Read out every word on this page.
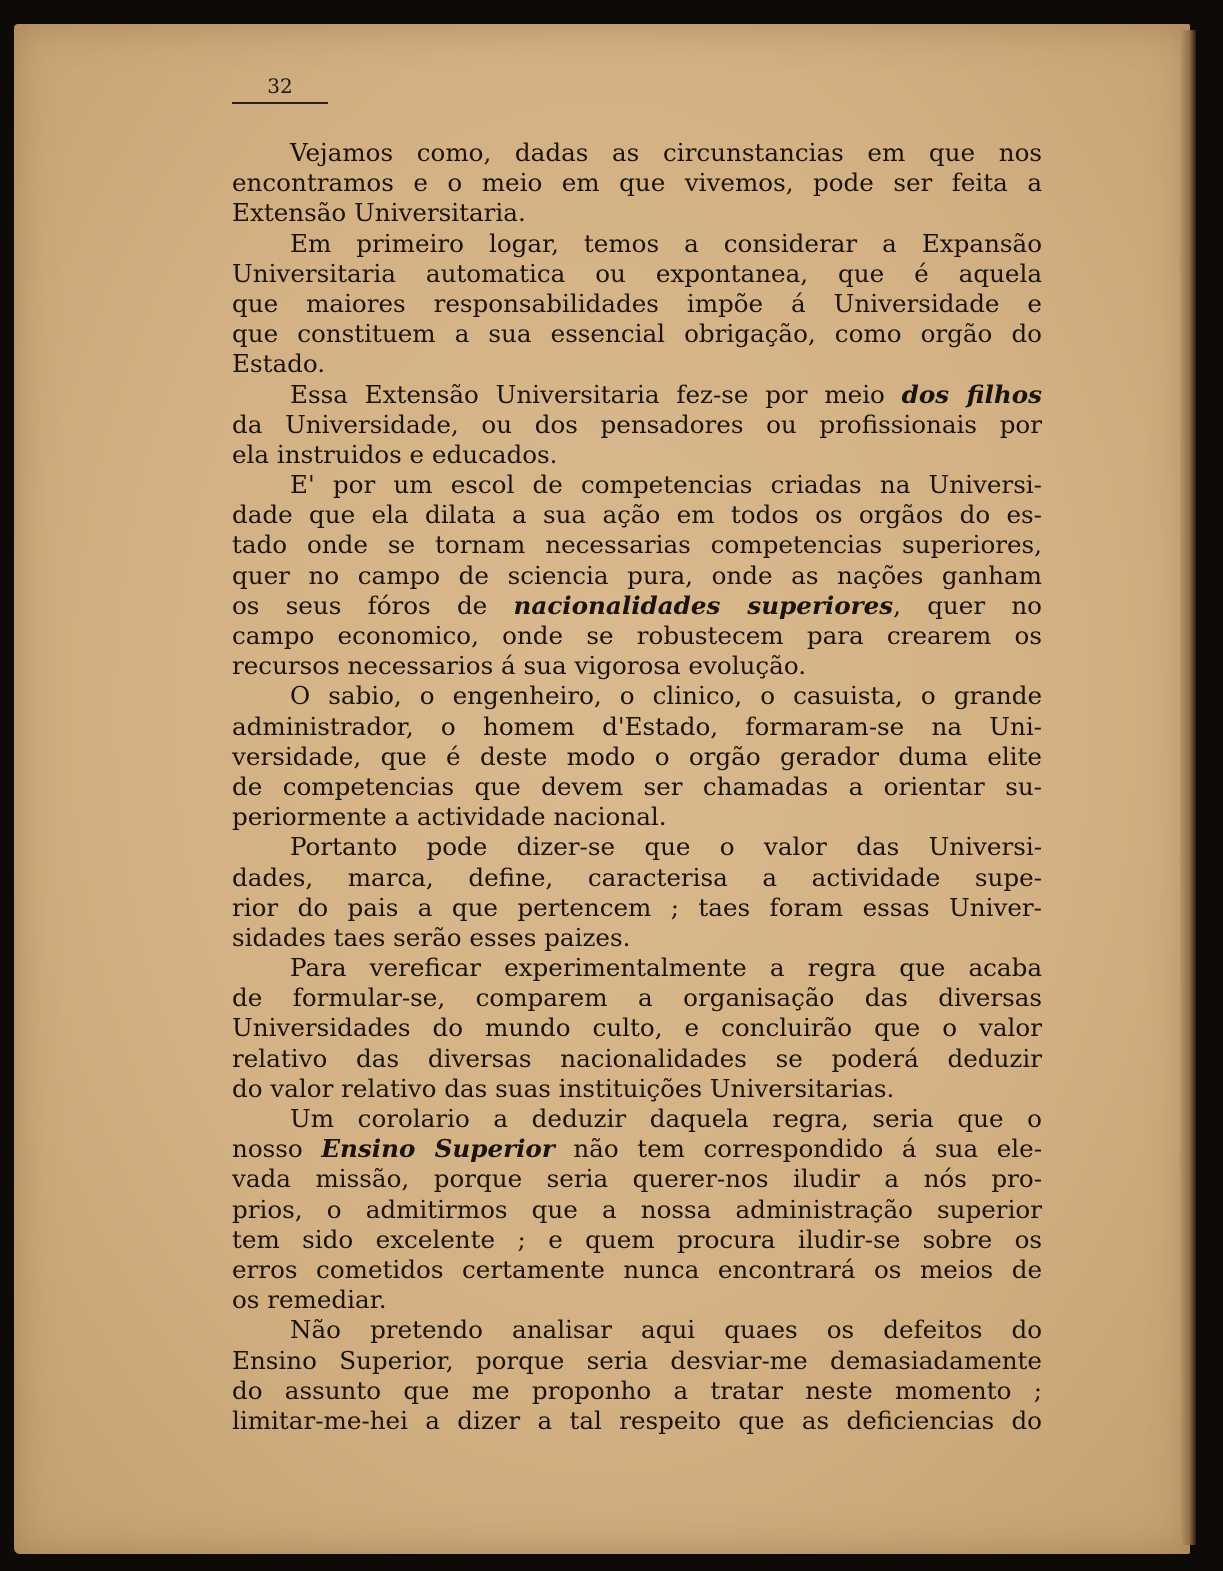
32
Vejamos como, dadas as circunstancias em que nos
encontramos e o meio em que vivemos, pode ser feita a
Extensão Universitaria.
Em primeiro logar, temos a considerar a Expansão
Universitaria automatica ou expontanea, que é aquela
que maiores responsabilidades impõe á Universidade e
que constituem a sua essencial obrigação, como orgão do
Estado.
Essa Extensão Universitaria fez-se por meio dos filhos
da Universidade, ou dos pensadores ou profissionais por
ela instruidos e educados.
E' por um escol de competencias criadas na Universi-
dade que ela dilata a sua ação em todos os orgãos do es-
tado onde se tornam necessarias competencias superiores,
quer no campo de sciencia pura, onde as nações ganham
os seus fóros de nacionalidades superiores, quer no
campo economico, onde se robustecem para crearem os
recursos necessarios á sua vigorosa evolução.
O sabio, o engenheiro, o clinico, o casuista, o grande
administrador, o homem d'Estado, formaram-se na Uni-
versidade, que é deste modo o orgão gerador duma elite
de competencias que devem ser chamadas a orientar su-
periormente a actividade nacional.
Portanto pode dizer-se que o valor das Universi-
dades, marca, define, caracterisa a actividade supe-
rior do pais a que pertencem ; taes foram essas Univer-
sidades taes serão esses paizes.
Para vereficar experimentalmente a regra que acaba
de formular-se, comparem a organisação das diversas
Universidades do mundo culto, e concluirão que o valor
relativo das diversas nacionalidades se poderá deduzir
do valor relativo das suas instituições Universitarias.
Um corolario a deduzir daquela regra, seria que o
nosso Ensino Superior não tem correspondido á sua ele-
vada missão, porque seria querer-nos iludir a nós pro-
prios, o admitirmos que a nossa administração superior
tem sido excelente ; e quem procura iludir-se sobre os
erros cometidos certamente nunca encontrará os meios de
os remediar.
Não pretendo analisar aqui quaes os defeitos do
Ensino Superior, porque seria desviar-me demasiadamente
do assunto que me proponho a tratar neste momento ;
limitar-me-hei a dizer a tal respeito que as deficiencias do
